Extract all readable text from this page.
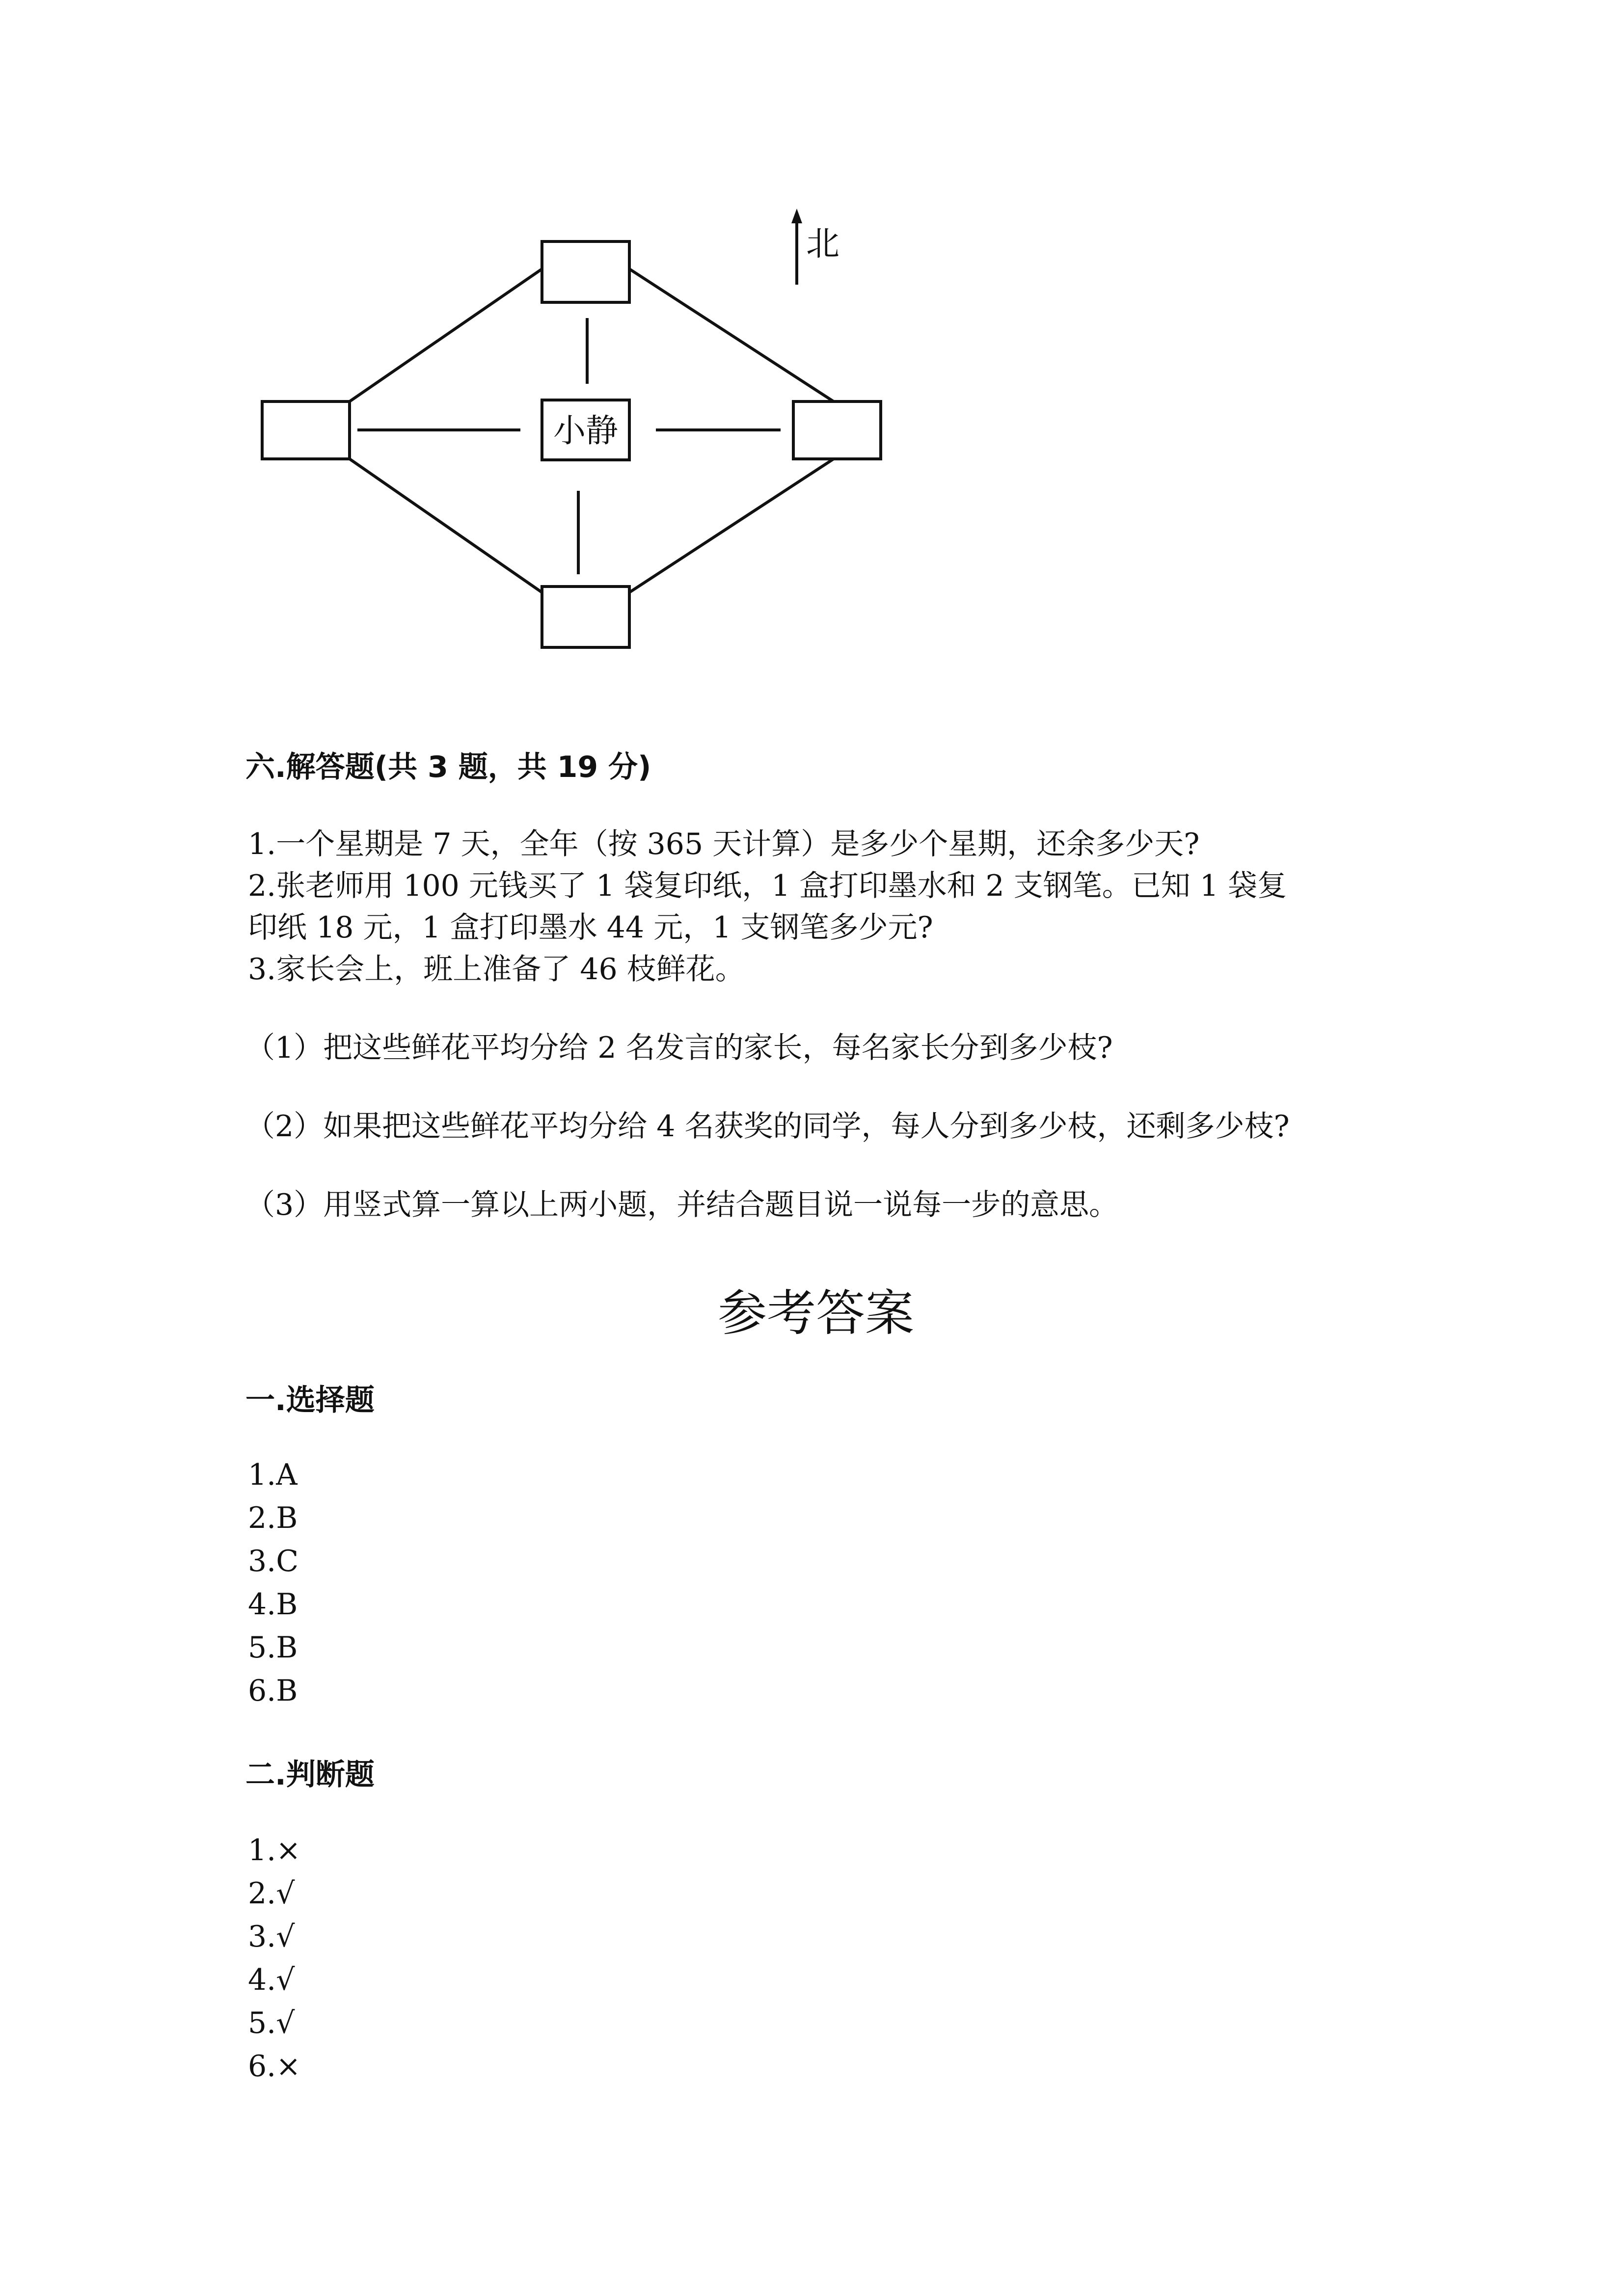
小静
北
六.解答题(共 3 题，共 19 分)
1.一个星期是 7 天，全年（按 365 天计算）是多少个星期，还余多少天?
2.张老师用 100 元钱买了 1 袋复印纸，1 盒打印墨水和 2 支钢笔。已知 1 袋复
印纸 18 元，1 盒打印墨水 44 元，1 支钢笔多少元?
3.家长会上，班上准备了 46 枝鲜花。
（1）把这些鲜花平均分给 2 名发言的家长，每名家长分到多少枝?
（2）如果把这些鲜花平均分给 4 名获奖的同学，每人分到多少枝，还剩多少枝?
（3）用竖式算一算以上两小题，并结合题目说一说每一步的意思。
参考答案
一.选择题
1.A
2.B
3.C
4.B
5.B
6.B
二.判断题
1.×
2.√
3.√
4.√
5.√
6.×
